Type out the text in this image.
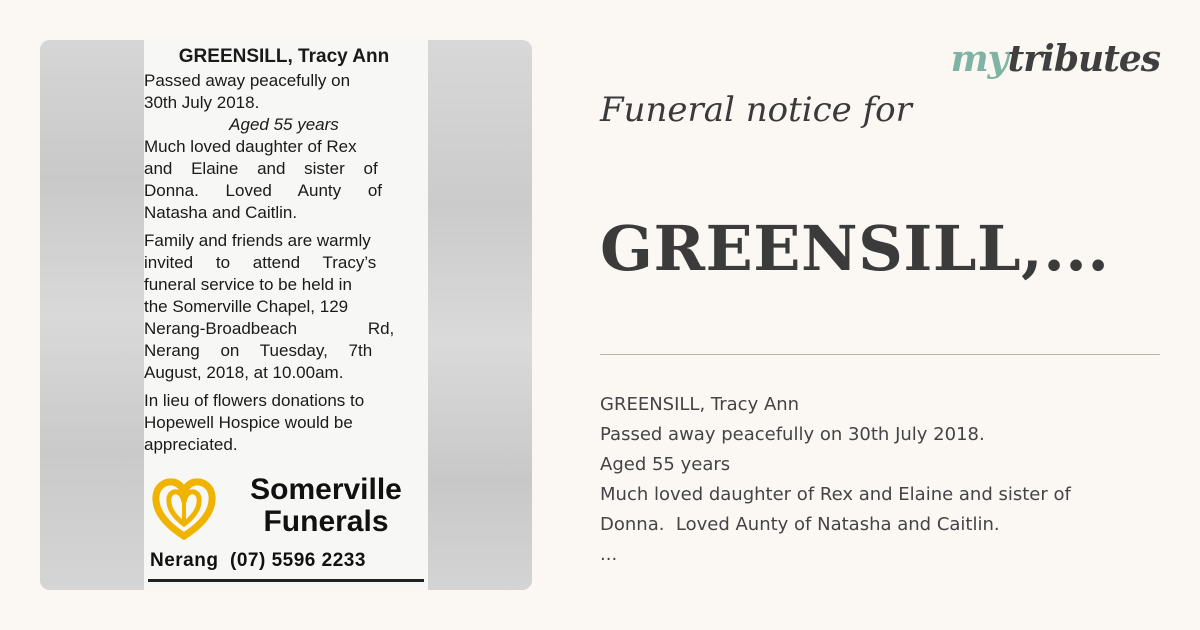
GREENSILL, Tracy Ann
Passed away peacefully on
30th July 2018.
Aged 55 years
Much loved daughter of Rex
and Elaine and sister of
Donna. Loved Aunty of
Natasha and Caitlin.
Family and friends are warmly
invited to attend Tracy’s
funeral service to be held in
the Somerville Chapel, 129
Nerang-Broadbeach Rd,
Nerang on Tuesday, 7th
August, 2018, at 10.00am.
In lieu of flowers donations to
Hopewell Hospice would be
appreciated.
Somerville
Funerals
Nerang  (07) 5596 2233
mytributes
Funeral notice for
GREENSILL,...
GREENSILL, Tracy Ann
Passed away peacefully on 30th July 2018.
Aged 55 years
Much loved daughter of Rex and Elaine and sister of
Donna.  Loved Aunty of Natasha and Caitlin.
...
